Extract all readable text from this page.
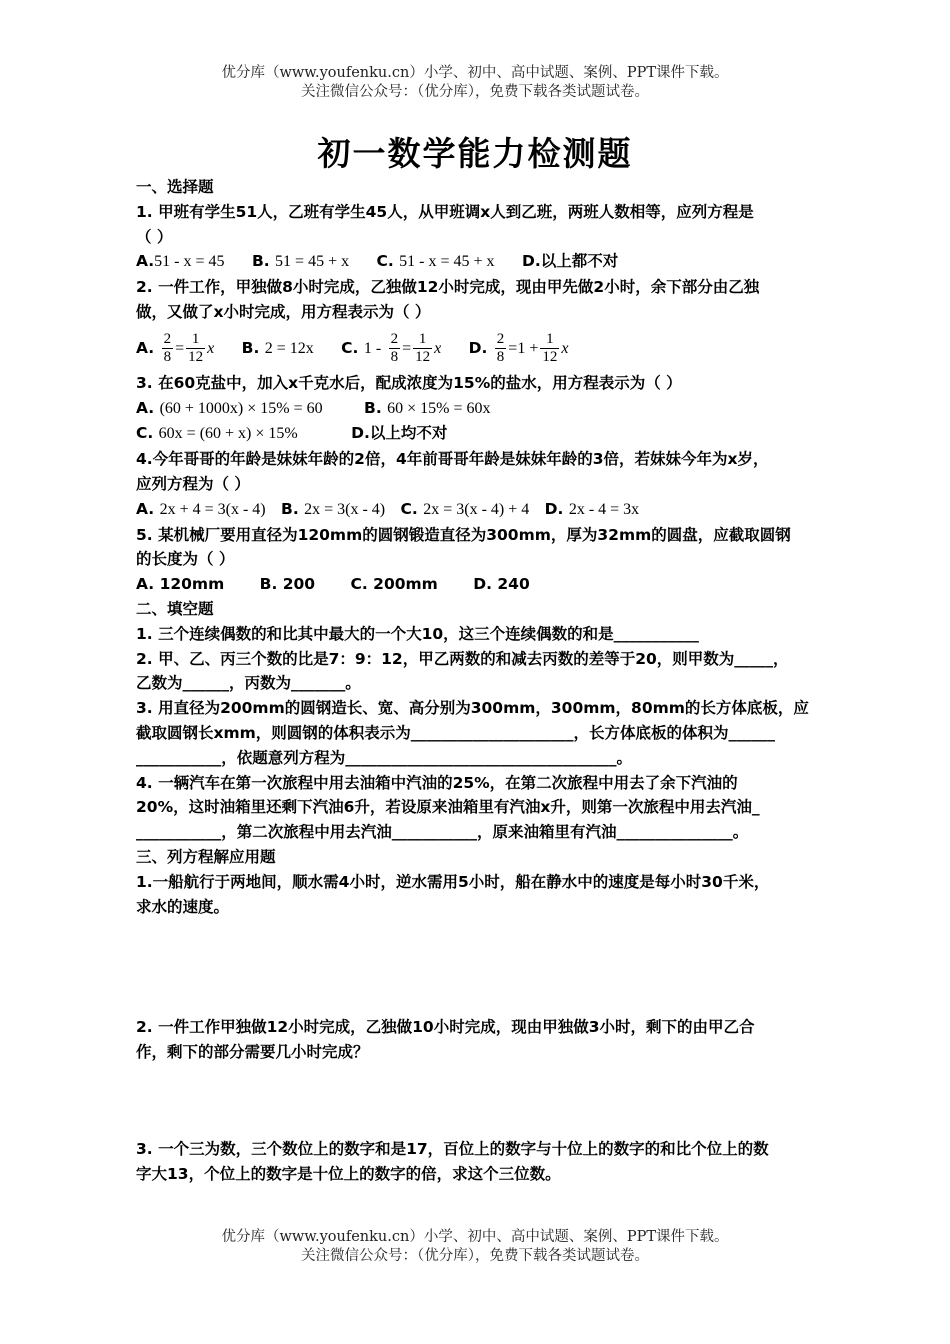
优分库（www.youfenku.cn）小学、初中、高中试题、案例、PPT课件下载。
关注微信公众号：（优分库），免费下载各类试题试卷。
初一数学能力检测题

一、选择题

1. 甲班有学生51人，乙班有学生45人，从甲班调x人到乙班，两班人数相等，应列方程是

（ ）

A.51 - x = 45 B. 51 = 45 + x C. 51 - x = 45 + x D.以上都不对

2. 一件工作，甲独做8小时完成，乙独做12小时完成，现由甲先做2小时，余下部分由乙独

做，又做了x小时完成，用方程表示为（ ）

A. $\frac{2}{8} = \frac{1}{12}$ x B. 2 = 12x C. $1 - \frac{2}{8} = \frac{1}{12}$ x D. $\frac{2}{8} =1 + \frac{1}{12}$ x

3. 在60克盐中，加入x千克水后，配成浓度为15%的盐水，用方程表示为（ ）

A. (60 + 1000x) × 15% = 60	B. 60 × 15% = 60x

C. 60x = (60 + x) × 15%	D.以上均不对

4.今年哥哥的年龄是妹妹年龄的2倍，4年前哥哥年龄是妹妹年龄的3倍，若妹妹今年为x岁，

应列方程为（ ）

A. 2x + 4 = 3(x - 4) B. 2x = 3(x - 4) C. 2x = 3(x - 4) + 4 D. 2x - 4 = 3x

5. 某机械厂要用直径为120mm的圆钢锻造直径为300mm，厚为32mm的圆盘，应截取圆钢

的长度为（ ）

A. 120mm B. 200 C. 200mm D. 240

二、填空题

1. 三个连续偶数的和比其中最大的一个大10，这三个连续偶数的和是___________

2. 甲、乙、丙三个数的比是7：9：12，甲乙两数的和减去丙数的差等于20，则甲数为_____，

乙数为______，丙数为_______。

3. 用直径为200mm的圆钢造长、宽、高分别为300mm，300mm，80mm的长方体底板，应

截取圆钢长xmm，则圆钢的体积表示为_____________________，长方体底板的体积为______

___________，依题意列方程为___________________________________。

4. 一辆汽车在第一次旅程中用去油箱中汽油的25%，在第二次旅程中用去了余下汽油的

20%，这时油箱里还剩下汽油6升，若设原来油箱里有汽油x升，则第一次旅程中用去汽油_

___________，第二次旅程中用去汽油___________，原来油箱里有汽油_______________。

三、列方程解应用题

1.一船航行于两地间，顺水需4小时，逆水需用5小时，船在静水中的速度是每小时30千米，

求水的速度。

2. 一件工作甲独做12小时完成，乙独做10小时完成，现由甲独做3小时，剩下的由甲乙合

作，剩下的部分需要几小时完成？

3. 一个三为数，三个数位上的数字和是17，百位上的数字与十位上的数字的和比个位上的数

字大13，个位上的数字是十位上的数字的倍，求这个三位数。

优分库（www.youfenku.cn）小学、初中、高中试题、案例、PPT课件下载。
关注微信公众号：（优分库），免费下载各类试题试卷。
